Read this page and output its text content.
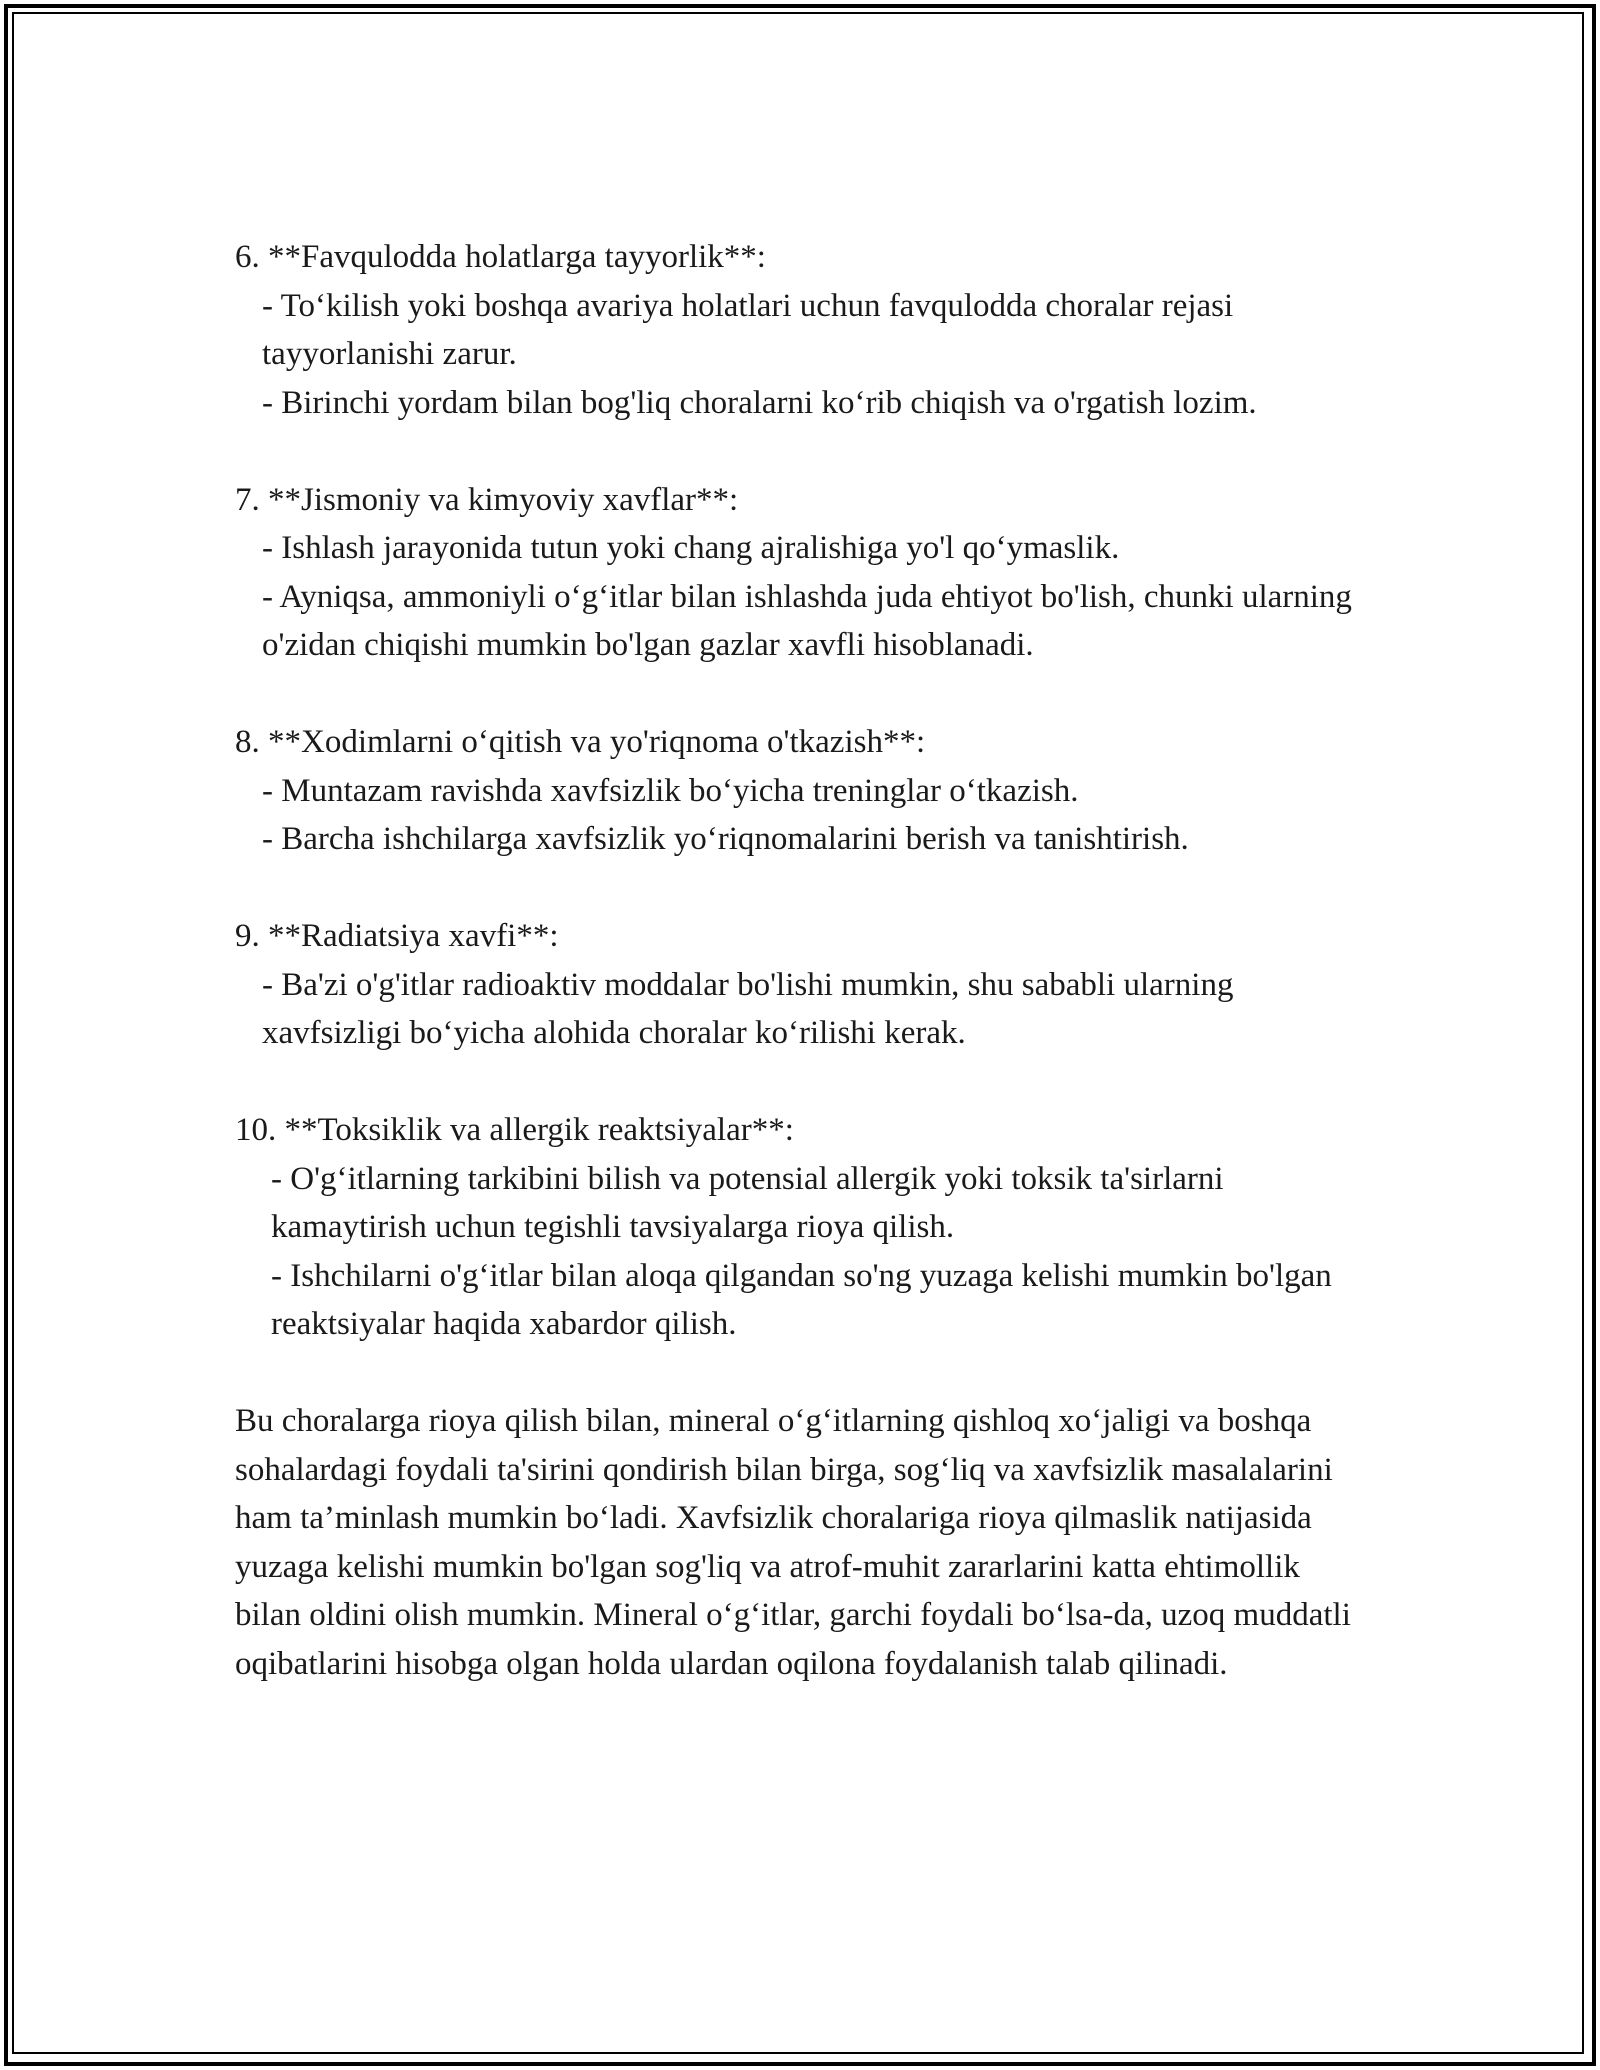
6. **Favqulodda holatlarga tayyorlik**:

- To‘kilish yoki boshqa avariya holatlari uchun favqulodda choralar rejasi tayyorlanishi zarur.

- Birinchi yordam bilan bog'liq choralarni ko‘rib chiqish va o'rgatish lozim.

7. **Jismoniy va kimyoviy xavflar**:

- Ishlash jarayonida tutun yoki chang ajralishiga yo'l qo‘ymaslik.

- Ayniqsa, ammoniyli o‘g‘itlar bilan ishlashda juda ehtiyot bo'lish, chunki ularning o'zidan chiqishi mumkin bo'lgan gazlar xavfli hisoblanadi.

8. **Xodimlarni o‘qitish va yo'riqnoma o'tkazish**:

- Muntazam ravishda xavfsizlik bo‘yicha treninglar o‘tkazish.

- Barcha ishchilarga xavfsizlik yo‘riqnomalarini berish va tanishtirish.

9. **Radiatsiya xavfi**:

- Ba'zi o'g'itlar radioaktiv moddalar bo'lishi mumkin, shu sababli ularning xavfsizligi bo‘yicha alohida choralar ko‘rilishi kerak.

10. **Toksiklik va allergik reaktsiyalar**:

- O'g‘itlarning tarkibini bilish va potensial allergik yoki toksik ta'sirlarni kamaytirish uchun tegishli tavsiyalarga rioya qilish.

- Ishchilarni o'g‘itlar bilan aloqa qilgandan so'ng yuzaga kelishi mumkin bo'lgan reaktsiyalar haqida xabardor qilish.

Bu choralarga rioya qilish bilan, mineral o‘g‘itlarning qishloq xo‘jaligi va boshqa sohalardagi foydali ta'sirini qondirish bilan birga, sog‘liq va xavfsizlik masalalarini ham ta’minlash mumkin bo‘ladi. Xavfsizlik choralariga rioya qilmaslik natijasida yuzaga kelishi mumkin bo'lgan sog'liq va atrof-muhit zararlarini katta ehtimollik bilan oldini olish mumkin. Mineral o‘g‘itlar, garchi foydali bo‘lsa-da, uzoq muddatli oqibatlarini hisobga olgan holda ulardan oqilona foydalanish talab qilinadi.
